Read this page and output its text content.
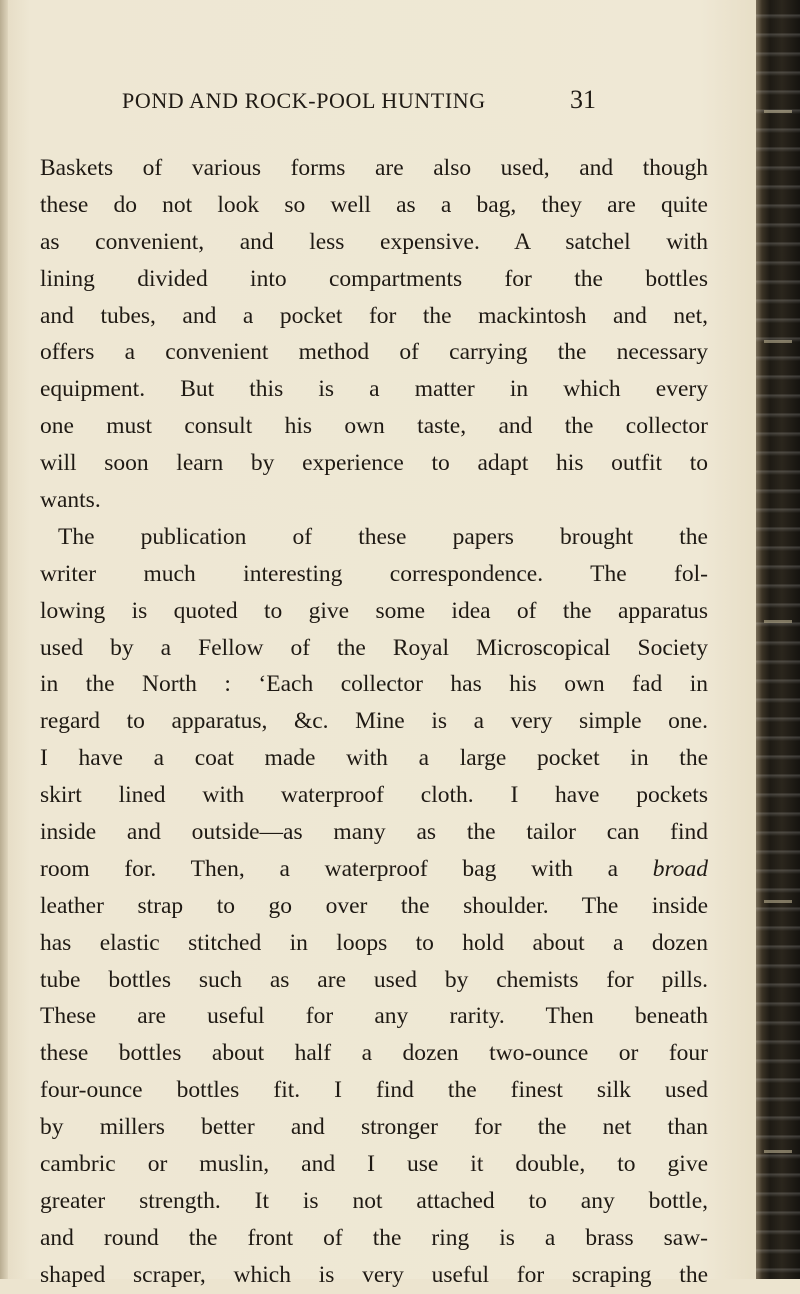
POND AND ROCK-POOL HUNTING	31
Baskets of various forms are also used, and though
these do not look so well as a bag, they are quite
as convenient, and less expensive. A satchel with
lining divided into compartments for the bottles
and tubes, and a pocket for the mackintosh and net,
offers a convenient method of carrying the necessary
equipment. But this is a matter in which every
one must consult his own taste, and the collector
will soon learn by experience to adapt his outfit to
wants.
The publication of these papers brought the
writer much interesting correspondence. The fol-
lowing is quoted to give some idea of the apparatus
used by a Fellow of the Royal Microscopical Society
in the North : ‘Each collector has his own fad in
regard to apparatus, &c. Mine is a very simple one.
I have a coat made with a large pocket in the
skirt lined with waterproof cloth. I have pockets
inside and outside—as many as the tailor can find
room for. Then, a waterproof bag with a broad
leather strap to go over the shoulder. The inside
has elastic stitched in loops to hold about a dozen
tube bottles such as are used by chemists for pills.
These are useful for any rarity. Then beneath
these bottles about half a dozen two-ounce or four
four-ounce bottles fit. I find the finest silk used
by millers better and stronger for the net than
cambric or muslin, and I use it double, to give
greater strength. It is not attached to any bottle,
and round the front of the ring is a brass saw-
shaped scraper, which is very useful for scraping the
